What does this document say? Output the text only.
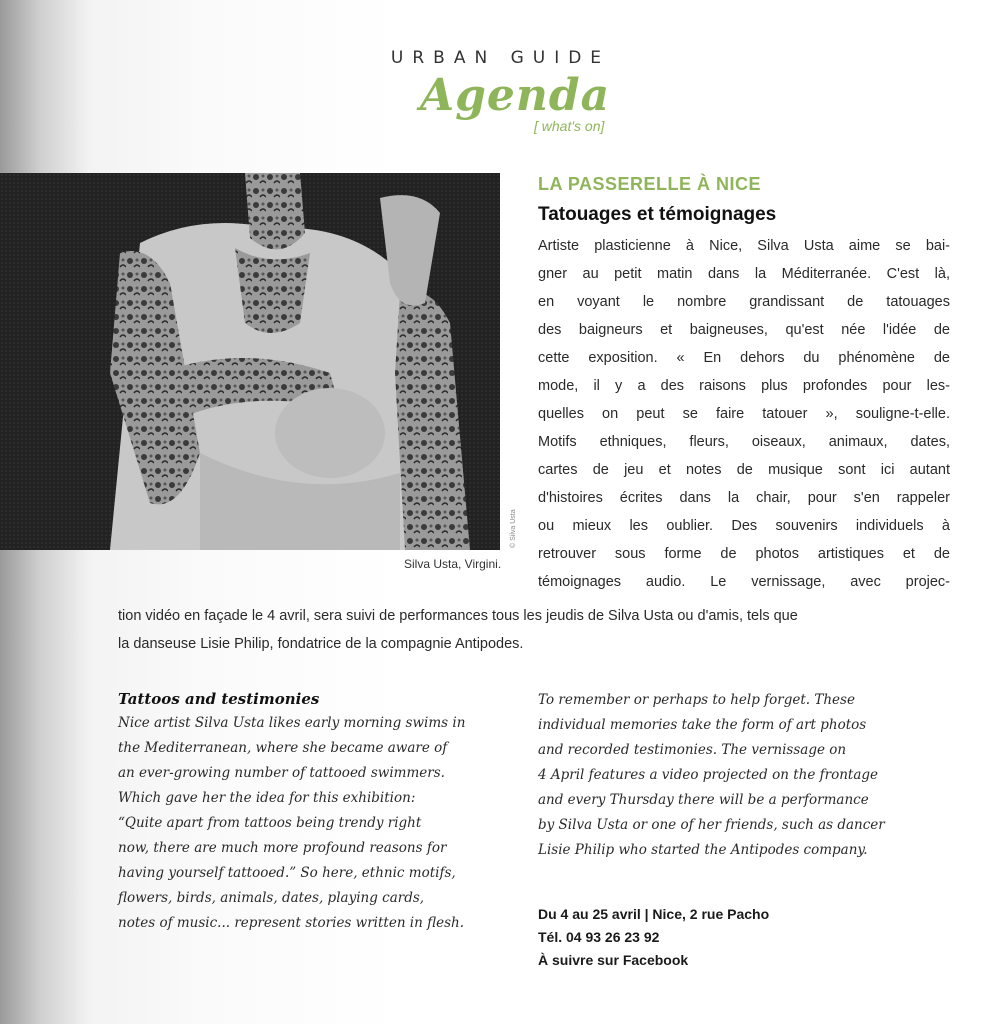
URBAN GUIDE
Agenda
[ what's on]
Silva Usta, Virgini.
© Silva Usta
LA PASSERELLE À NICE
Tatouages et témoignages
Artiste plasticienne à Nice, Silva Usta aime se bai-
gner au petit matin dans la Méditerranée. C'est là,
en voyant le nombre grandissant de tatouages
des baigneurs et baigneuses, qu'est née l'idée de
cette exposition. « En dehors du phénomène de
mode, il y a des raisons plus profondes pour les-
quelles on peut se faire tatouer », souligne-t-elle.
Motifs ethniques, fleurs, oiseaux, animaux, dates,
cartes de jeu et notes de musique sont ici autant
d'histoires écrites dans la chair, pour s'en rappeler
ou mieux les oublier. Des souvenirs individuels à
retrouver sous forme de photos artistiques et de
témoignages audio. Le vernissage, avec projec-
tion vidéo en façade le 4 avril, sera suivi de performances tous les jeudis de Silva Usta ou d'amis, tels que
la danseuse Lisie Philip, fondatrice de la compagnie Antipodes.
Tattoos and testimonies
Nice artist Silva Usta likes early morning swims in
the Mediterranean, where she became aware of
an ever-growing number of tattooed swimmers.
Which gave her the idea for this exhibition:
“Quite apart from tattoos being trendy right
now, there are much more profound reasons for
having yourself tattooed.” So here, ethnic motifs,
flowers, birds, animals, dates, playing cards,
notes of music... represent stories written in flesh.
To remember or perhaps to help forget. These
individual memories take the form of art photos
and recorded testimonies. The vernissage on
4 April features a video projected on the frontage
and every Thursday there will be a performance
by Silva Usta or one of her friends, such as dancer
Lisie Philip who started the Antipodes company.
Du 4 au 25 avril | Nice, 2 rue Pacho
Tél. 04 93 26 23 92
À suivre sur Facebook
